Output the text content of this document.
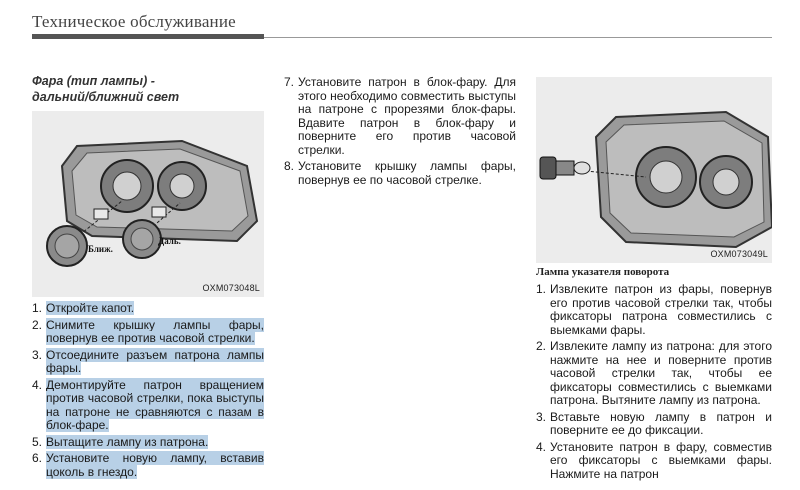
Техническое обслуживание
Фара (тип лампы) -
дальний/ближний свет
Ближ.
Даль.
OXM073048L
1. Откройте капот.
2. Снимите крышку лампы фары, повернув ее против часовой стрелки.
3. Отсоедините разъем патрона лампы фары.
4. Демонтируйте патрон вращением против часовой стрелки, пока выступы на патроне не сравняются с пазам в блок-фаре.
5. Вытащите лампу из патрона.
6. Установите новую лампу, вставив цоколь в гнездо.
7. Установите патрон в блок-фару. Для этого необходимо совместить выступы на патроне с прорезями блок-фары. Вдавите патрон в блок-фару и поверните его против часовой стрелки.
8. Установите крышку лампы фары, повернув ее по часовой стрелке.
OXM073049L
Лампа указателя поворота
1. Извлеките патрон из фары, повернув его против часовой стрелки так, чтобы фиксаторы патрона совместились с выемками фары.
2. Извлеките лампу из патрона: для этого нажмите на нее и поверните против часовой стрелки так, чтобы ее фиксаторы совместились с выемками патрона. Вытяните лампу из патрона.
3. Вставьте новую лампу в патрон и поверните ее до фиксации.
4. Установите патрон в фару, совместив его фиксаторы с выемками фары. Нажмите на патрон
